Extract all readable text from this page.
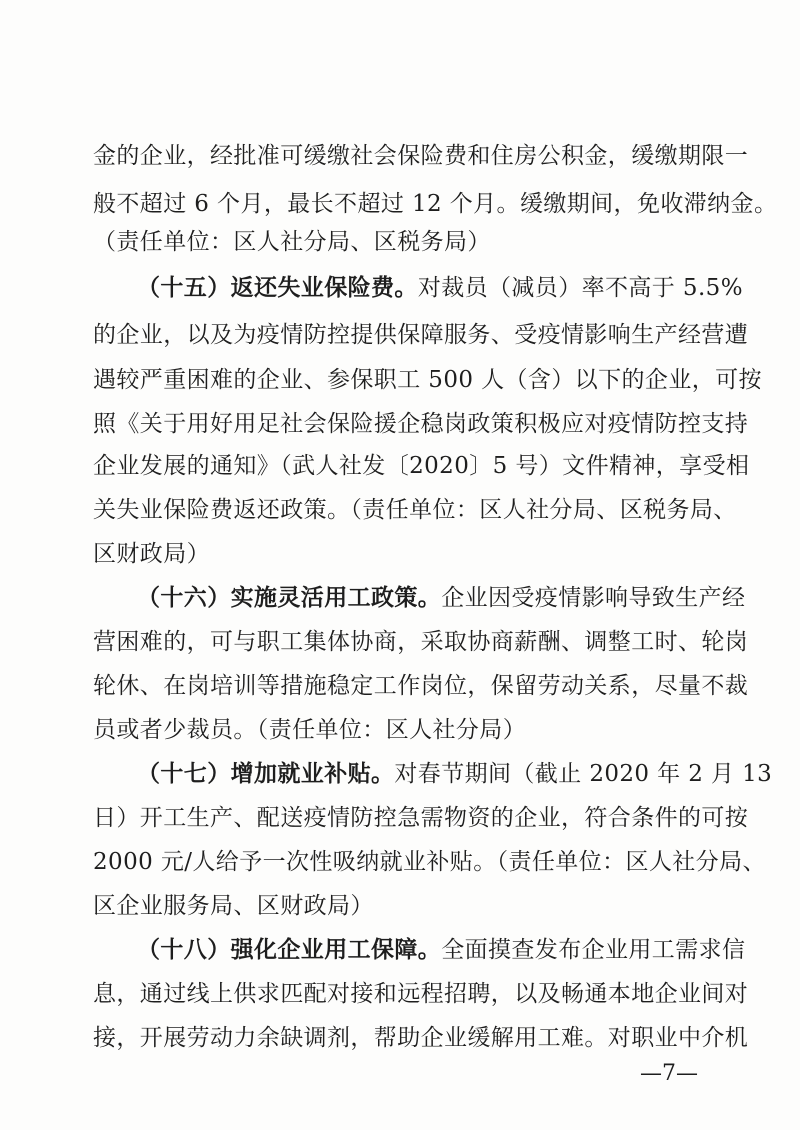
金的企业，经批准可缓缴社会保险费和住房公积金，缓缴期限一
般不超过 6 个月，最长不超过 12 个月。缓缴期间，免收滞纳金。
（责任单位：区人社分局、区税务局）
（十五）返还失业保险费。对裁员（减员）率不高于 5.5%
的企业，以及为疫情防控提供保障服务、受疫情影响生产经营遭
遇较严重困难的企业、参保职工 500 人（含）以下的企业，可按
照《关于用好用足社会保险援企稳岗政策积极应对疫情防控支持
企业发展的通知》（武人社发〔2020〕5 号）文件精神，享受相
关失业保险费返还政策。（责任单位：区人社分局、区税务局、
区财政局）
（十六）实施灵活用工政策。企业因受疫情影响导致生产经
营困难的，可与职工集体协商，采取协商薪酬、调整工时、轮岗
轮休、在岗培训等措施稳定工作岗位，保留劳动关系，尽量不裁
员或者少裁员。（责任单位：区人社分局）
（十七）增加就业补贴。对春节期间（截止 2020 年 2 月 13
日）开工生产、配送疫情防控急需物资的企业，符合条件的可按
2000 元/人给予一次性吸纳就业补贴。（责任单位：区人社分局、
区企业服务局、区财政局）
（十八）强化企业用工保障。全面摸查发布企业用工需求信
息，通过线上供求匹配对接和远程招聘，以及畅通本地企业间对
接，开展劳动力余缺调剂，帮助企业缓解用工难。对职业中介机
—7—
